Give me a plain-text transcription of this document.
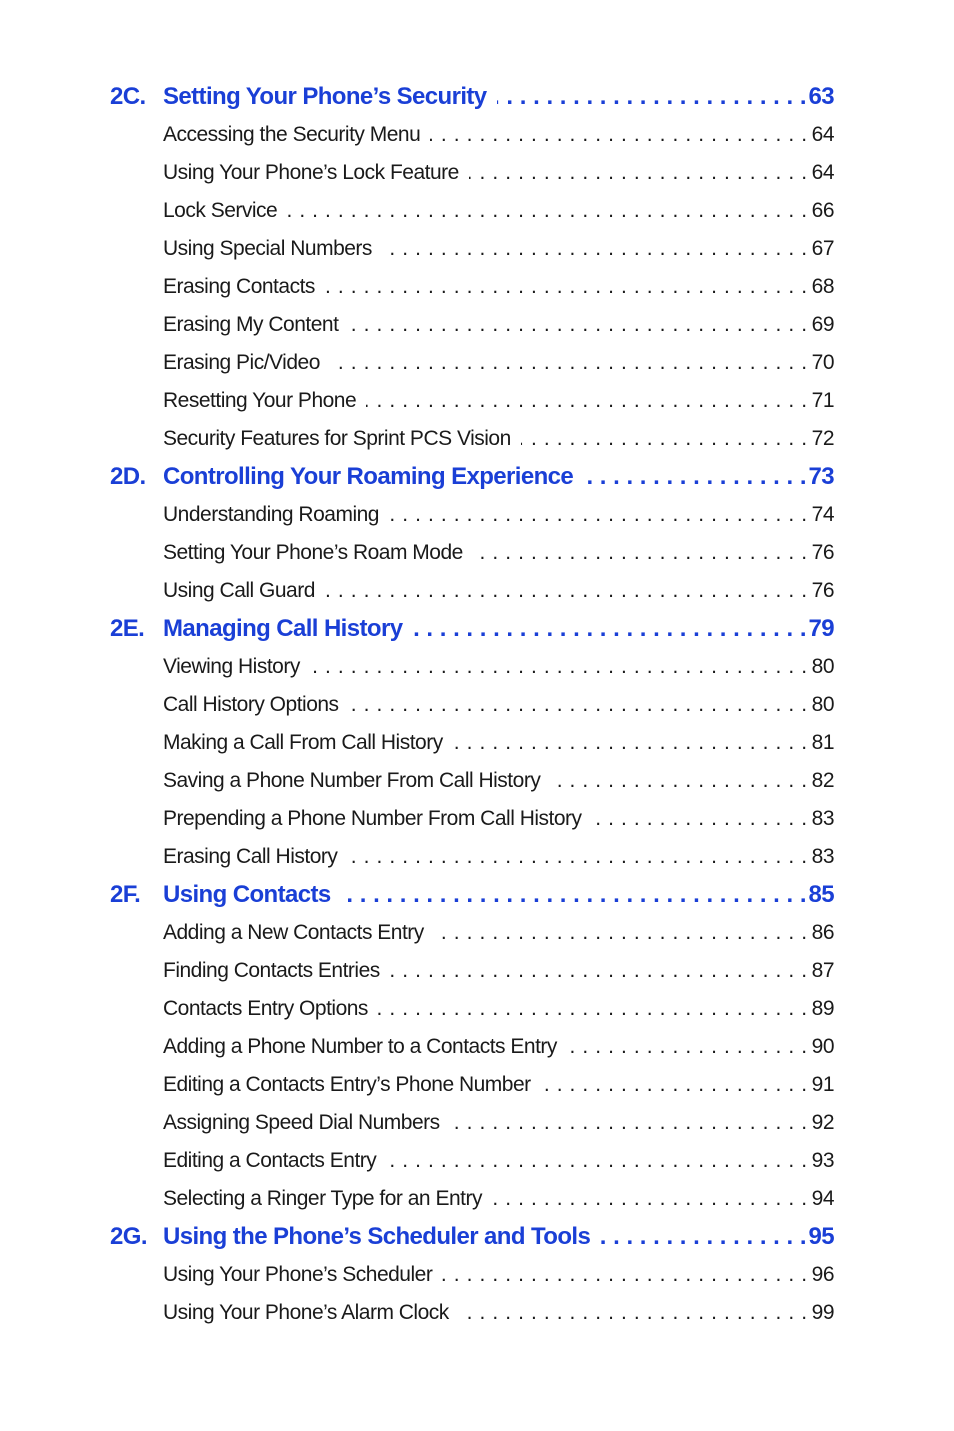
2C. Setting Your Phone’s Security . . .	63
Accessing the Security Menu . . .	64
Using Your Phone’s Lock Feature . . .	64
Lock Service . . .	66
Using Special Numbers . . .	67
Erasing Contacts . . .	68
Erasing My Content . . .	69
Erasing Pic/Video . . .	70
Resetting Your Phone . . .	71
Security Features for Sprint PCS Vision . . .	72
2D. Controlling Your Roaming Experience . . .	73
Understanding Roaming . . .	74
Setting Your Phone’s Roam Mode . . .	76
Using Call Guard . . .	76
2E. Managing Call History . . .	79
Viewing History . . .	80
Call History Options . . .	80
Making a Call From Call History . . .	81
Saving a Phone Number From Call History . . .	82
Prepending a Phone Number From Call History . . .	83
Erasing Call History . . .	83
2F. Using Contacts . . .	85
Adding a New Contacts Entry . . .	86
Finding Contacts Entries . . .	87
Contacts Entry Options . . .	89
Adding a Phone Number to a Contacts Entry . . .	90
Editing a Contacts Entry’s Phone Number . . .	91
Assigning Speed Dial Numbers . . .	92
Editing a Contacts Entry . . .	93
Selecting a Ringer Type for an Entry . . .	94
2G. Using the Phone’s Scheduler and Tools . . .	95
Using Your Phone’s Scheduler . . .	96
Using Your Phone’s Alarm Clock . . .	99
